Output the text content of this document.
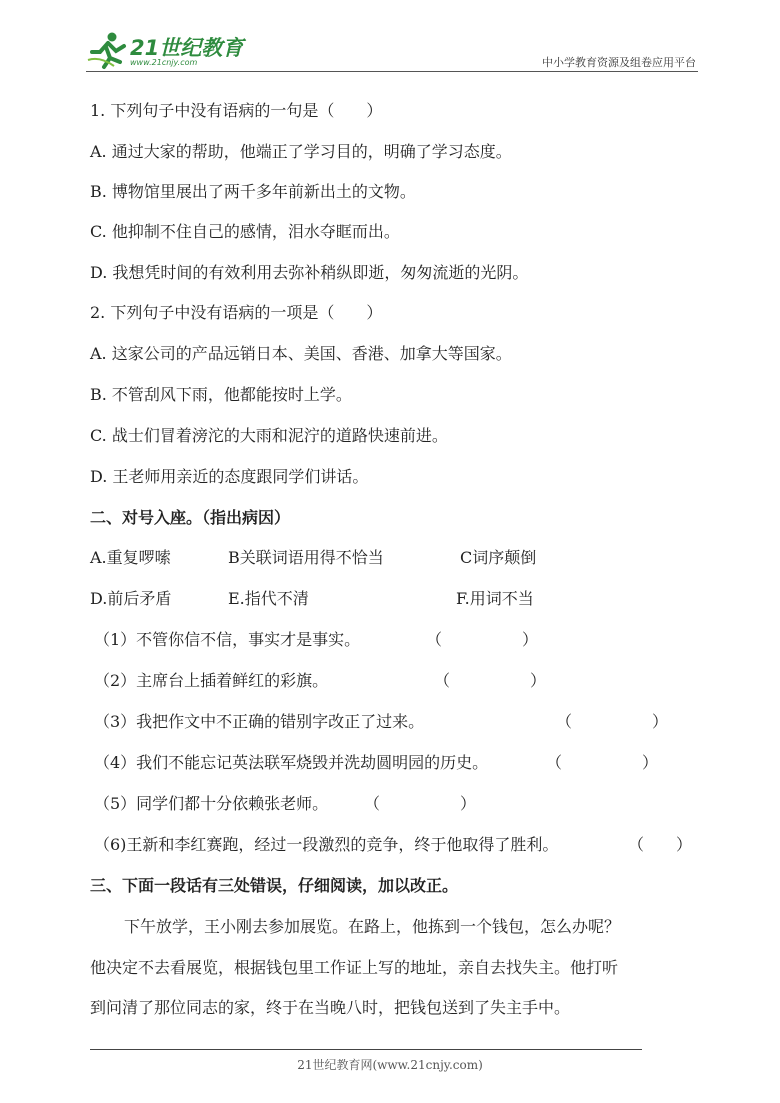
21世纪教育
www.21cnjy.com	中小学教育资源及组卷应用平台
1. 下列句子中没有语病的一句是（　　）
A. 通过大家的帮助，他端正了学习目的，明确了学习态度。
B. 博物馆里展出了两千多年前新出土的文物。
C. 他抑制不住自己的感情，泪水夺眶而出。
D. 我想凭时间的有效利用去弥补稍纵即逝，匆匆流逝的光阴。
2. 下列句子中没有语病的一项是（　　）
A. 这家公司的产品远销日本、美国、香港、加拿大等国家。
B. 不管刮风下雨，他都能按时上学。
C. 战士们冒着滂沱的大雨和泥泞的道路快速前进。
D. 王老师用亲近的态度跟同学们讲话。
二、对号入座。（指出病因）
A.重复啰嗦	B关联词语用得不恰当	C词序颠倒
D.前后矛盾	E.指代不清	F.用词不当
（1）不管你信不信，事实才是事实。	（　　　　　）
（2）主席台上插着鲜红的彩旗。	（　　　　　）
（3）我把作文中不正确的错别字改正了过来。	（　　　　　）
（4）我们不能忘记英法联军烧毁并洗劫圆明园的历史。	（　　　　　）
（5）同学们都十分依赖张老师。 （　　　　　）
（6)王新和李红赛跑，经过一段激烈的竞争，终于他取得了胜利。	（　　）
三、下面一段话有三处错误，仔细阅读，加以改正。
下午放学，王小刚去参加展览。在路上，他拣到一个钱包，怎么办呢？
他决定不去看展览，根据钱包里工作证上写的地址，亲自去找失主。他打听
到问清了那位同志的家，终于在当晚八时，把钱包送到了失主手中。
21世纪教育网(www.21cnjy.com)
